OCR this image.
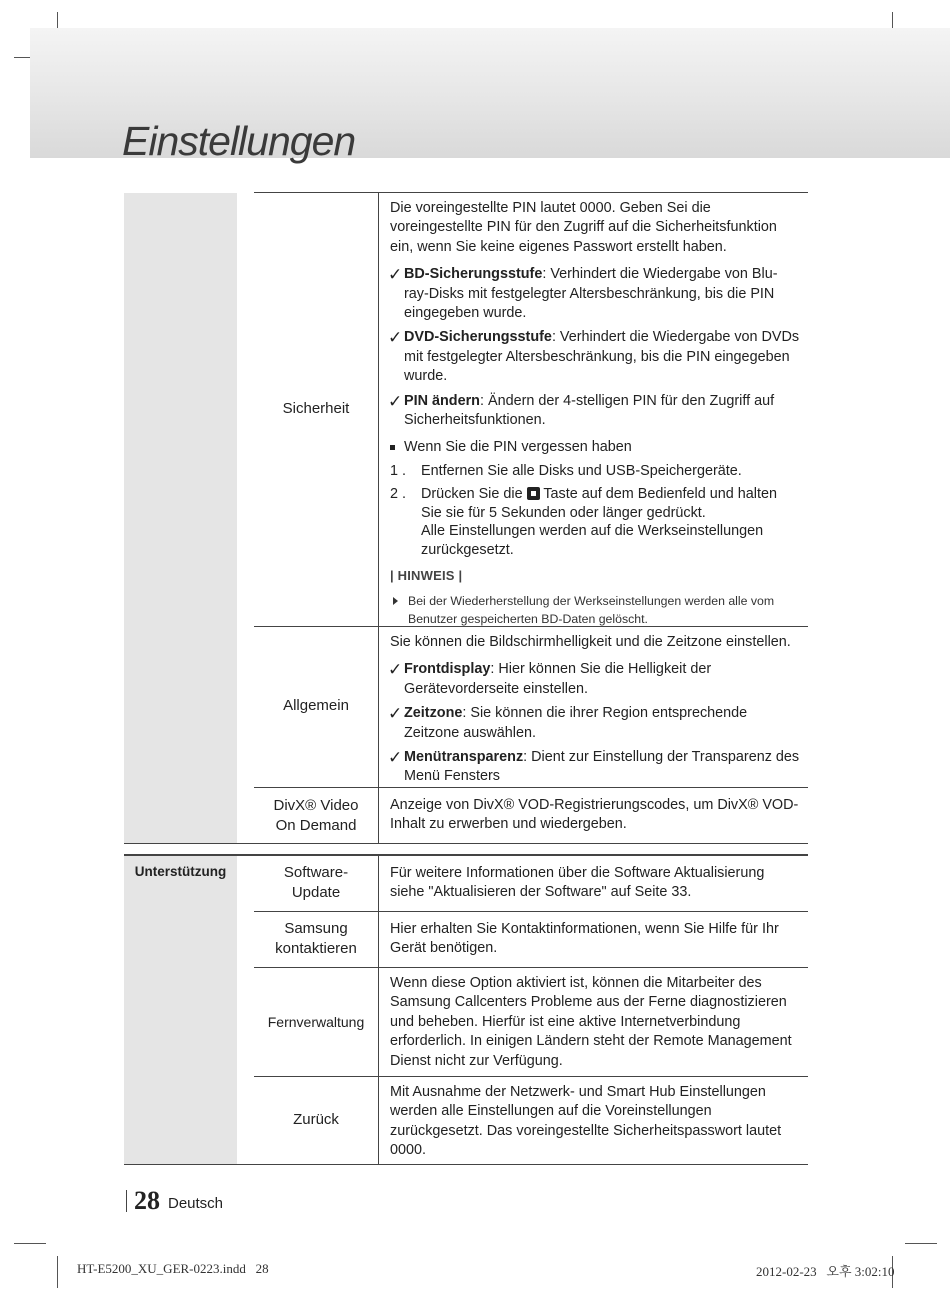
Einstellungen
Sicherheit

Die voreingestellte PIN lautet 0000. Geben Sei die voreingestellte PIN für den Zugriff auf die Sicherheitsfunktion ein, wenn Sie keine eigenes Passwort erstellt haben.

✓ BD-Sicherungsstufe: Verhindert die Wiedergabe von Blu-ray-Disks mit festgelegter Altersbeschränkung, bis die PIN eingegeben wurde.
✓ DVD-Sicherungsstufe: Verhindert die Wiedergabe von DVDs mit festgelegter Altersbeschränkung, bis die PIN eingegeben wurde.
✓ PIN ändern: Ändern der 4-stelligen PIN für den Zugriff auf Sicherheitsfunktionen.
Wenn Sie die PIN vergessen haben
1 . Entfernen Sie alle Disks und USB-Speichergeräte.
2 . Drücken Sie die Taste auf dem Bedienfeld und halten Sie sie für 5 Sekunden oder länger gedrückt.
Alle Einstellungen werden auf die Werkseinstellungen zurückgesetzt.
| HINWEIS |
Bei der Wiederherstellung der Werkseinstellungen werden alle vom Benutzer gespeicherten BD-Daten gelöscht.
Allgemein

Sie können die Bildschirmhelligkeit und die Zeitzone einstellen.

✓ Frontdisplay: Hier können Sie die Helligkeit der Gerätevorderseite einstellen.
✓ Zeitzone: Sie können die ihrer Region entsprechende Zeitzone auswählen.
✓ Menütransparenz: Dient zur Einstellung der Transparenz des Menü Fensters
DivX® Video
On Demand

Anzeige von DivX® VOD-Registrierungscodes, um DivX® VOD-Inhalt zu erwerben und wiedergeben.

Unterstützung	Software-
Update

Für weitere Informationen über die Software Aktualisierung siehe "Aktualisieren der Software" auf Seite 33.

Samsung
kontaktieren

Hier erhalten Sie Kontaktinformationen, wenn Sie Hilfe für Ihr Gerät benötigen.

Fernverwaltung

Wenn diese Option aktiviert ist, können die Mitarbeiter des Samsung Callcenters Probleme aus der Ferne diagnostizieren und beheben. Hierfür ist eine aktive Internetverbindung erforderlich. In einigen Ländern steht der Remote Management Dienst nicht zur Verfügung.

Zurück

Mit Ausnahme der Netzwerk- und Smart Hub Einstellungen werden alle Einstellungen auf die Voreinstellungen zurückgesetzt. Das voreingestellte Sicherheitspasswort lautet 0000.

28 Deutsch
HT-E5200_XU_GER-0223.indd   28	2012-02-23   오후 3:02:10
